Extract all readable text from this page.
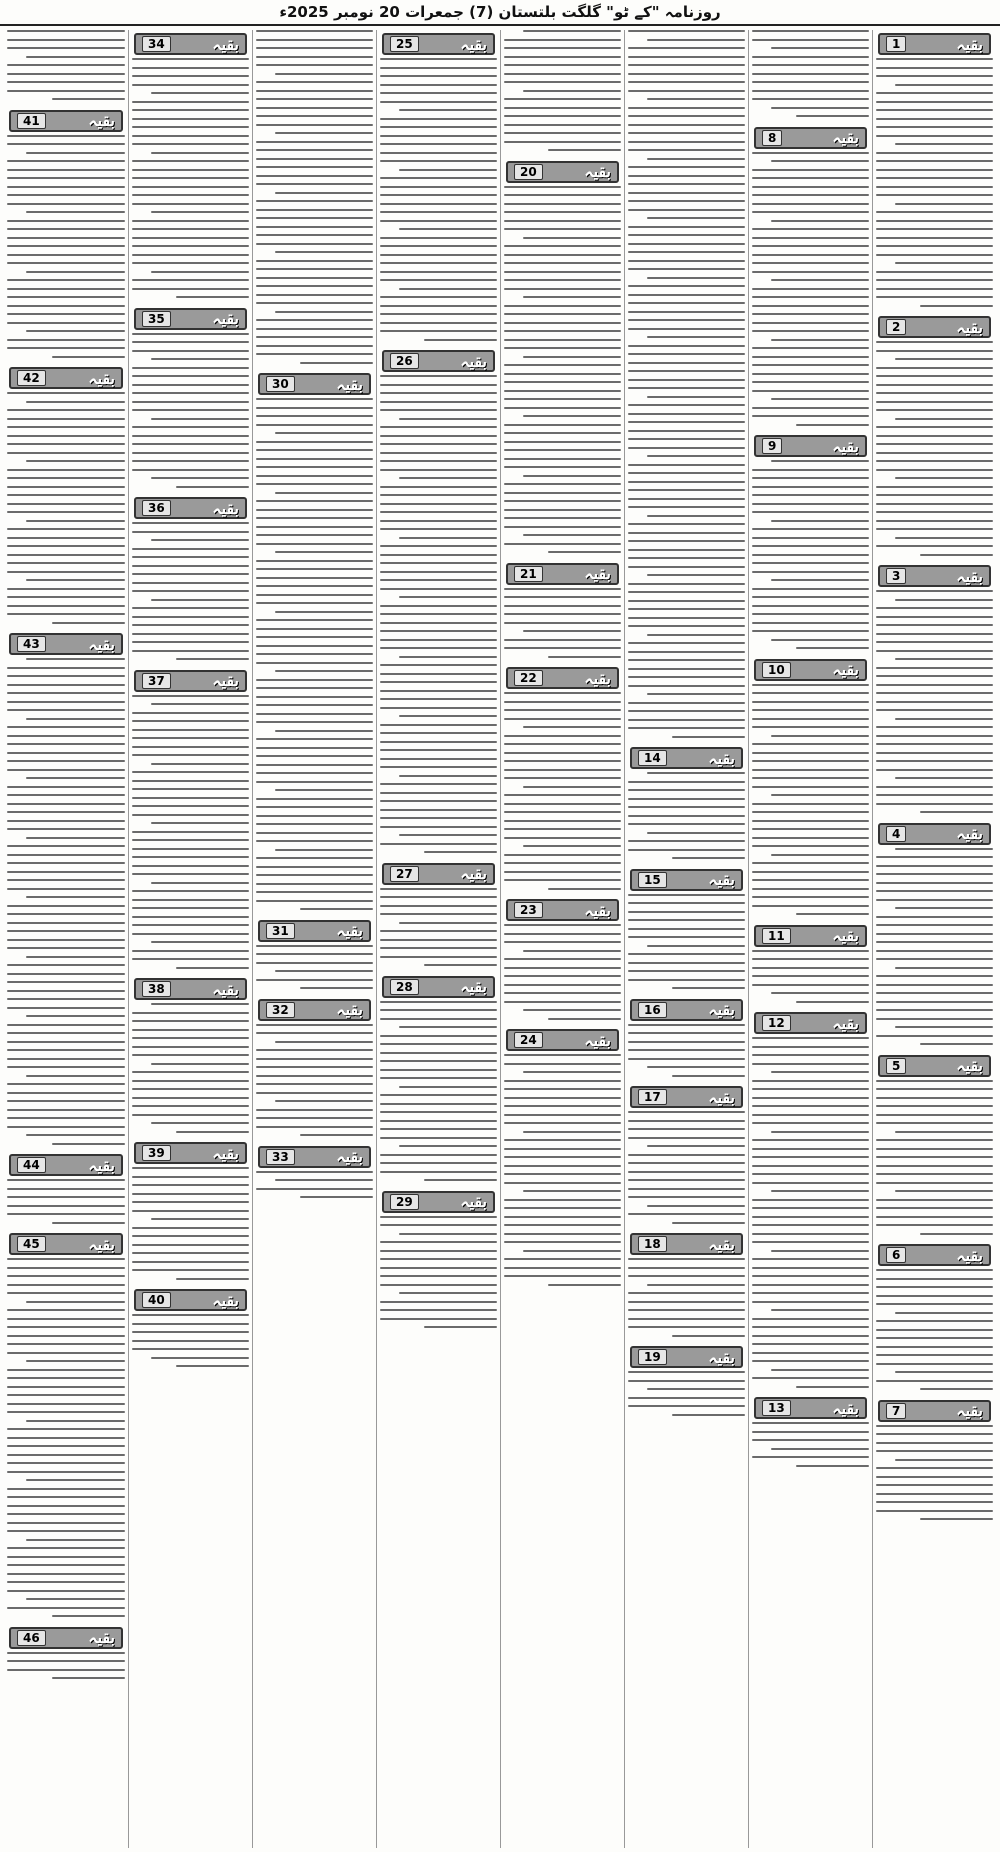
روزنامہ "کے ٹو" گلگت بلتستان (7) جمعرات 20 نومبر 2025ء
بقیہ
1
بقیہ
2
بقیہ
3
بقیہ
4
بقیہ
5
بقیہ
6
بقیہ
7
بقیہ
8
بقیہ
9
بقیہ
10
بقیہ
11
بقیہ
12
بقیہ
13
بقیہ
14
بقیہ
15
بقیہ
16
بقیہ
17
بقیہ
18
بقیہ
19
بقیہ
20
بقیہ
21
بقیہ
22
بقیہ
23
بقیہ
24
بقیہ
25
بقیہ
26
بقیہ
27
بقیہ
28
بقیہ
29
بقیہ
30
بقیہ
31
بقیہ
32
بقیہ
33
بقیہ
34
بقیہ
35
بقیہ
36
بقیہ
37
بقیہ
38
بقیہ
39
بقیہ
40
بقیہ
41
بقیہ
42
بقیہ
43
بقیہ
44
بقیہ
45
بقیہ
46
